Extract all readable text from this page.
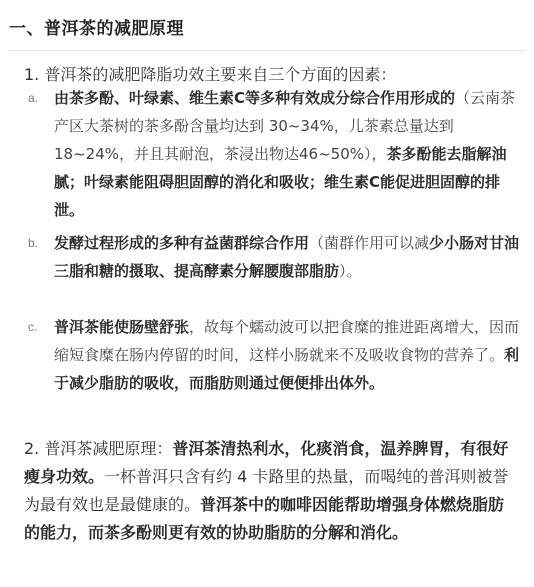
一、普洱茶的减肥原理
1. 普洱茶的减肥降脂功效主要来自三个方面的因素：
a.	由茶多酚、叶绿素、维生素C等多种有效成分综合作用形成的（云南茶产区大茶树的茶多酚含量均达到 30~34%，儿茶素总量达到 18~24%，并且其耐泡，茶浸出物达46~50%），茶多酚能去脂解油腻；叶绿素能阻碍胆固醇的消化和吸收；维生素C能促进胆固醇的排泄。
b.	发酵过程形成的多种有益菌群综合作用（菌群作用可以减少小肠对甘油三脂和糖的摄取、提高酵素分解腰腹部脂肪）。
c.	普洱茶能使肠壁舒张，故每个蠕动波可以把食糜的推进距离增大，因而缩短食糜在肠内停留的时间，这样小肠就来不及吸收食物的营养了。利于减少脂肪的吸收，而脂肪则通过便便排出体外。
2. 普洱茶减肥原理：普洱茶清热利水，化痰消食，温养脾胃，有很好瘦身功效。一杯普洱只含有约 4 卡路里的热量，而喝纯的普洱则被誉为最有效也是最健康的。普洱茶中的咖啡因能帮助增强身体燃烧脂肪的能力，而茶多酚则更有效的协助脂肪的分解和消化。
